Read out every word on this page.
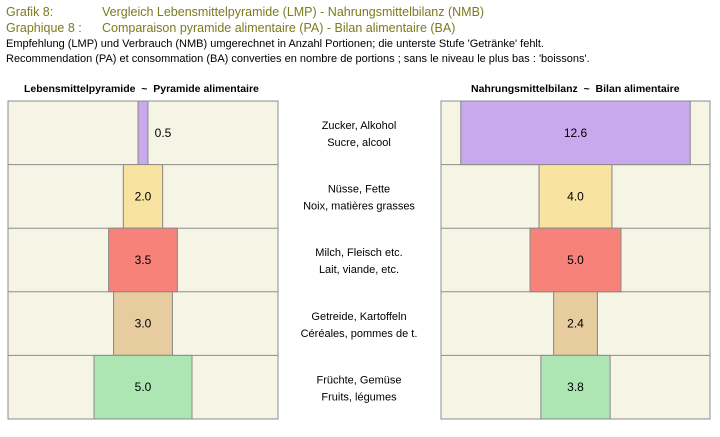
Grafik 8:	Vergleich Lebensmittelpyramide (LMP) - Nahrungsmittelbilanz (NMB)
Graphique 8 : Comparaison pyramide alimentaire (PA) - Bilan alimentaire (BA)
Empfehlung (LMP) und Verbrauch (NMB) umgerechnet in Anzahl Portionen; die unterste Stufe 'Getränke' fehlt.
Recommendation (PA) et consommation (BA) converties en nombre de portions ; sans le niveau le plus bas : 'boissons'.
Lebensmittelpyramide  ~  Pyramide alimentaire	Nahrungsmittelbilanz  ~  Bilan alimentaire
0.5
2.0
3.5
3.0
5.0
12.6
4.0
5.0
2.4
3.8
Zucker, Alkohol
Sucre, alcool
Nüsse, Fette
Noix, matières grasses
Milch, Fleisch etc.
Lait, viande, etc.
Getreide, Kartoffeln
Céréales, pommes de t.
Früchte, Gemüse
Fruits, légumes
